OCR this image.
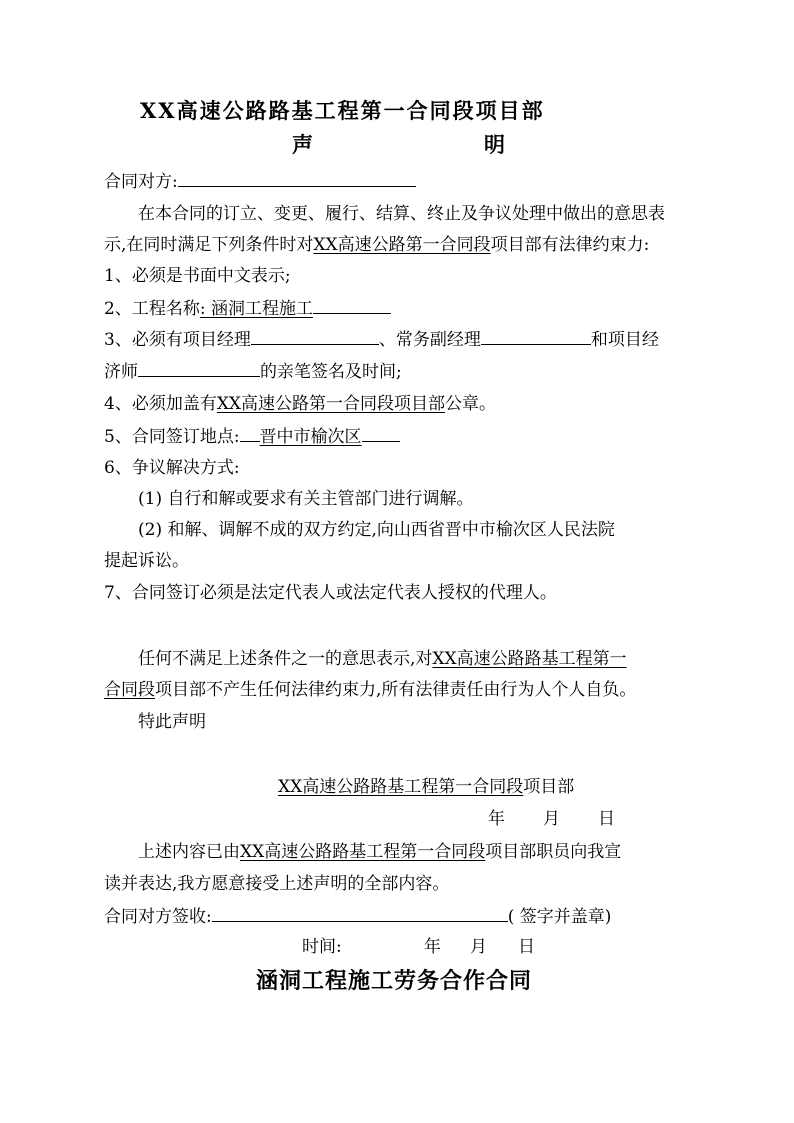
XX高速公路路基工程第一合同段项目部
声	明
合同对方:
在本合同的订立、变更、履行、结算、终止及争议处理中做出的意思表
示,在同时满足下列条件时对XX高速公路第一合同段项目部有法律约束力:
1、必须是书面中文表示;
2、工程名称: 涵洞工程施工
3、必须有项目经理	、常务副经理	和项目经
济师	的亲笔签名及时间;
4、必须加盖有XX高速公路第一合同段项目部公章。
5、合同签订地点: 晋中市榆次区
6、争议解决方式:
(1) 自行和解或要求有关主管部门进行调解。
(2) 和解、调解不成的双方约定,向山西省晋中市榆次区人民法院
提起诉讼。
7、合同签订必须是法定代表人或法定代表人授权的代理人。
任何不满足上述条件之一的意思表示,对XX高速公路路基工程第一
合同段项目部不产生任何法律约束力,所有法律责任由行为人个人自负。
特此声明
XX高速公路路基工程第一合同段项目部
年 月 日
上述内容已由XX高速公路路基工程第一合同段项目部职员向我宣
读并表达,我方愿意接受上述声明的全部内容。
合同对方签收:	( 签字并盖章)
时间:	年 月 日
涵洞工程施工劳务合作合同
